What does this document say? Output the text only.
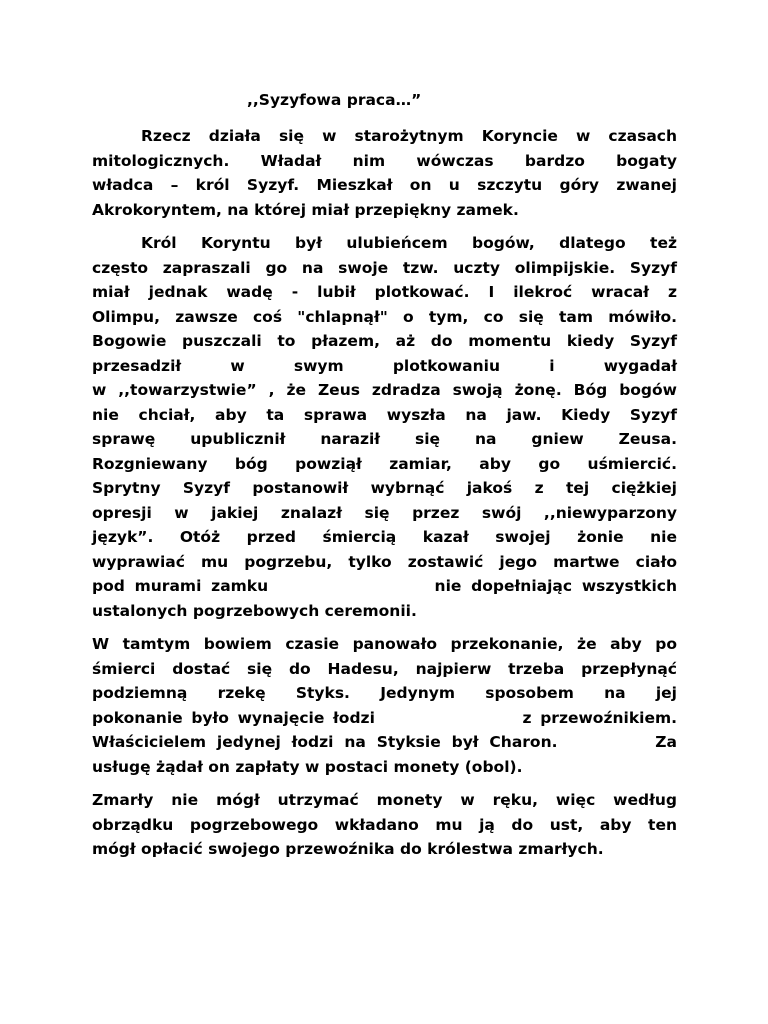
,,Syzyfowa praca…”
Rzecz działa się w starożytnym Koryncie w czasach
mitologicznych. Władał nim wówczas bardzo bogaty
władca – król Syzyf. Mieszkał on u szczytu góry zwanej
Akrokoryntem, na której miał przepiękny zamek.
Król Koryntu był ulubieńcem bogów, dlatego też
często zapraszali go na swoje tzw. uczty olimpijskie. Syzyf
miał jednak wadę - lubił plotkować. I ilekroć wracał z
Olimpu, zawsze coś "chlapnął" o tym, co się tam mówiło.
Bogowie puszczali to płazem, aż do momentu kiedy Syzyf
przesadził w swym plotkowaniu i wygadał
w ,,towarzystwie” , że Zeus zdradza swoją żonę. Bóg bogów
nie chciał, aby ta sprawa wyszła na jaw. Kiedy Syzyf
sprawę upublicznił naraził się na gniew Zeusa.
Rozgniewany bóg powziął zamiar, aby go uśmiercić.
Sprytny Syzyf postanowił wybrnąć jakoś z tej ciężkiej
opresji w jakiej znalazł się przez swój ,,niewyparzony
język”. Otóż przed śmiercią kazał swojej żonie nie
wyprawiać mu pogrzebu, tylko zostawić jego martwe ciało
pod murami zamku                 nie dopełniając wszystkich
ustalonych pogrzebowych ceremonii.
W tamtym bowiem czasie panowało przekonanie, że aby po
śmierci dostać się do Hadesu, najpierw trzeba przepłynąć
podziemną rzekę Styks. Jedynym sposobem na jej
pokonanie było wynajęcie łodzi                 z przewoźnikiem.
Właścicielem jedynej łodzi na Styksie był Charon.         Za
usługę żądał on zapłaty w postaci monety (obol).
Zmarły nie mógł utrzymać monety w ręku, więc według
obrządku pogrzebowego wkładano mu ją do ust, aby ten
mógł opłacić swojego przewoźnika do królestwa zmarłych.
